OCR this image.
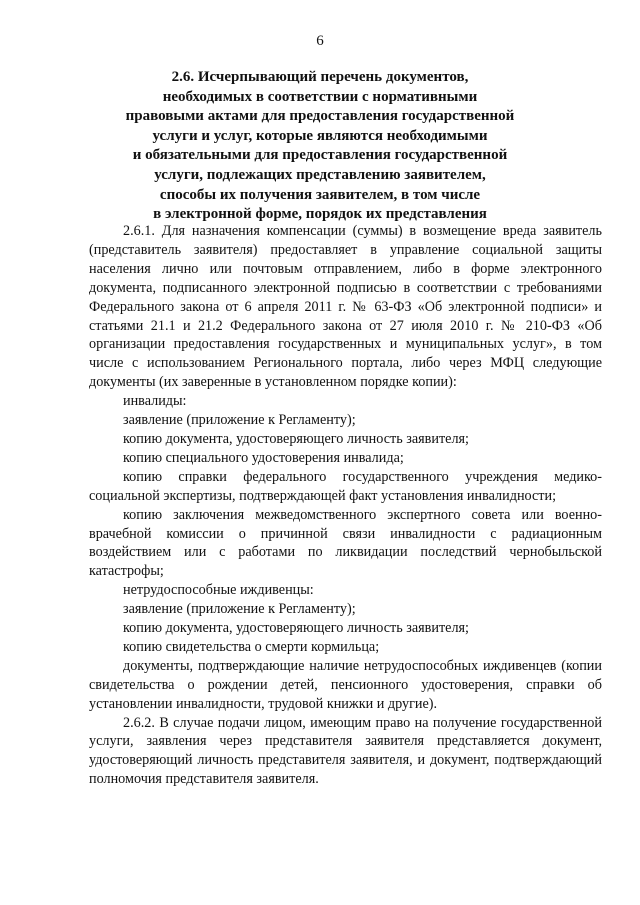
6
2.6. Исчерпывающий перечень документов,
необходимых в соответствии с нормативными
правовыми актами для предоставления государственной
услуги и услуг, которые являются необходимыми
и обязательными для предоставления государственной
услуги, подлежащих представлению заявителем,
способы их получения заявителем, в том числе
в электронной форме, порядок их представления

2.6.1. Для назначения компенсации (суммы) в возмещение вреда заявитель (представитель заявителя) предоставляет в управление социальной защиты населения лично или почтовым отправлением, либо в форме электронного документа, подписанного электронной подписью в соответствии с требованиями Федерального закона от 6 апреля 2011 г. № 63-ФЗ «Об электронной подписи» и статьями 21.1 и 21.2 Федерального закона от 27 июля 2010 г. № 210-ФЗ «Об организации предоставления государственных и муниципальных услуг», в том числе с использованием Регионального портала, либо через МФЦ следующие документы (их заверенные в установленном порядке копии):

инвалиды:

заявление (приложение к Регламенту);

копию документа, удостоверяющего личность заявителя;

копию специального удостоверения инвалида;

копию справки федерального государственного учреждения медико-социальной экспертизы, подтверждающей факт установления инвалидности;

копию заключения межведомственного экспертного совета или военно-врачебной комиссии о причинной связи инвалидности с радиационным воздействием или с работами по ликвидации последствий чернобыльской катастрофы;

нетрудоспособные иждивенцы:

заявление (приложение к Регламенту);

копию документа, удостоверяющего личность заявителя;

копию свидетельства о смерти кормильца;

документы, подтверждающие наличие нетрудоспособных иждивенцев (копии свидетельства о рождении детей, пенсионного удостоверения, справки об установлении инвалидности, трудовой книжки и другие).

2.6.2. В случае подачи лицом, имеющим право на получение государственной услуги, заявления через представителя заявителя представляется документ, удостоверяющий личность представителя заявителя, и документ, подтверждающий полномочия представителя заявителя.
